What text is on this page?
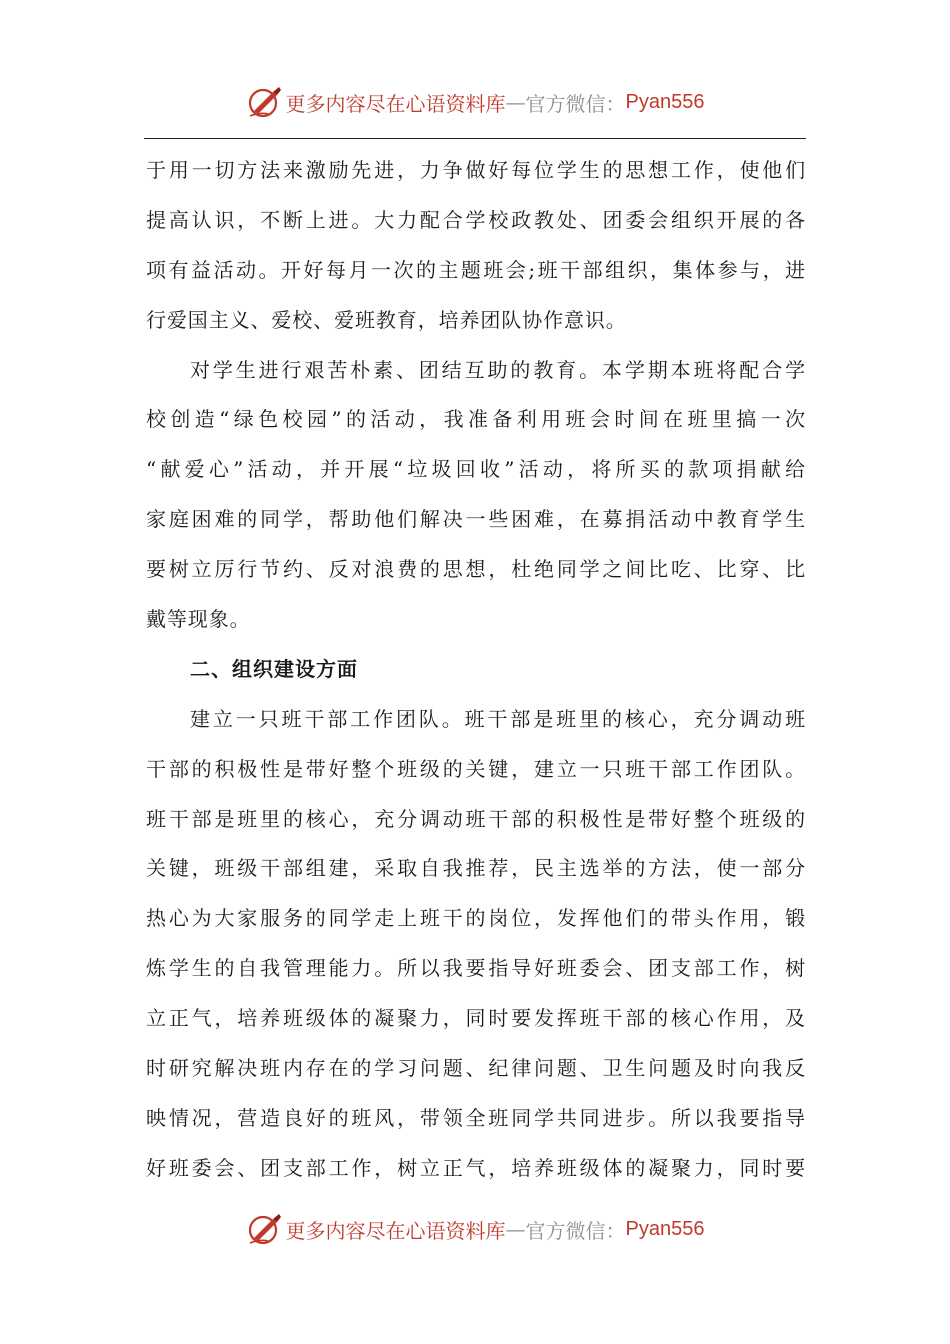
更多内容尽在心语资料库 — 官方微信： Pyan556
于用一切方法来激励先进，力争做好每位学生的思想工作，使他们
提高认识，不断上进。大力配合学校政教处、团委会组织开展的各
项有益活动。开好每月一次的主题班会;班干部组织，集体参与，进
行爱国主义、爱校、爱班教育，培养团队协作意识。
对学生进行艰苦朴素、团结互助的教育。本学期本班将配合学
校创造“绿色校园”的活动，我准备利用班会时间在班里搞一次
“献爱心”活动，并开展“垃圾回收”活动，将所买的款项捐献给
家庭困难的同学，帮助他们解决一些困难，在募捐活动中教育学生
要树立厉行节约、反对浪费的思想，杜绝同学之间比吃、比穿、比
戴等现象。
二、组织建设方面
建立一只班干部工作团队。班干部是班里的核心，充分调动班
干部的积极性是带好整个班级的关键，建立一只班干部工作团队。
班干部是班里的核心，充分调动班干部的积极性是带好整个班级的
关键，班级干部组建，采取自我推荐，民主选举的方法，使一部分
热心为大家服务的同学走上班干的岗位，发挥他们的带头作用，锻
炼学生的自我管理能力。所以我要指导好班委会、团支部工作，树
立正气，培养班级体的凝聚力，同时要发挥班干部的核心作用，及
时研究解决班内存在的学习问题、纪律问题、卫生问题及时向我反
映情况，营造良好的班风，带领全班同学共同进步。所以我要指导
好班委会、团支部工作，树立正气，培养班级体的凝聚力，同时要
更多内容尽在心语资料库 — 官方微信： Pyan556
